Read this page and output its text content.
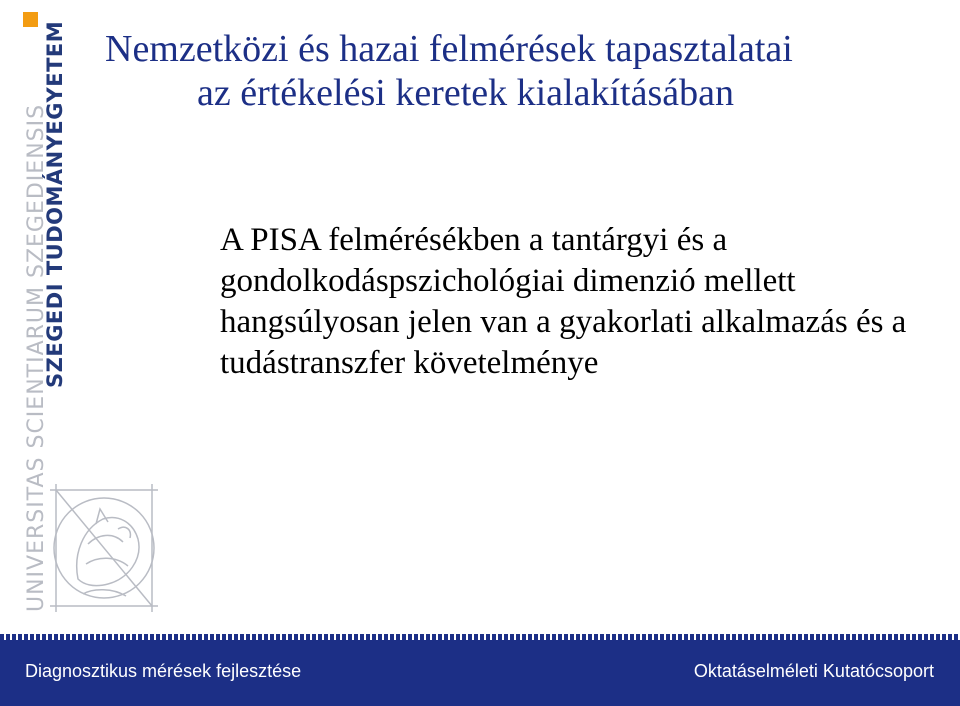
UNIVERSITAS SCIENTIARUM SZEGEDIENSIS
SZEGEDI TUDOMÁNYEGYETEM Nemzetközi és hazai felmérések tapasztalatai
az értékelési keretek kialakításában

A PISA felmérésékben a tantárgyi és a gondolkodáspszichológiai dimenzió mellett hangsúlyosan jelen van a gyakorlati alkalmazás és a tudástranszfer követelménye

Diagnosztikus mérések fejlesztése	Oktatáselméleti Kutatócsoport
